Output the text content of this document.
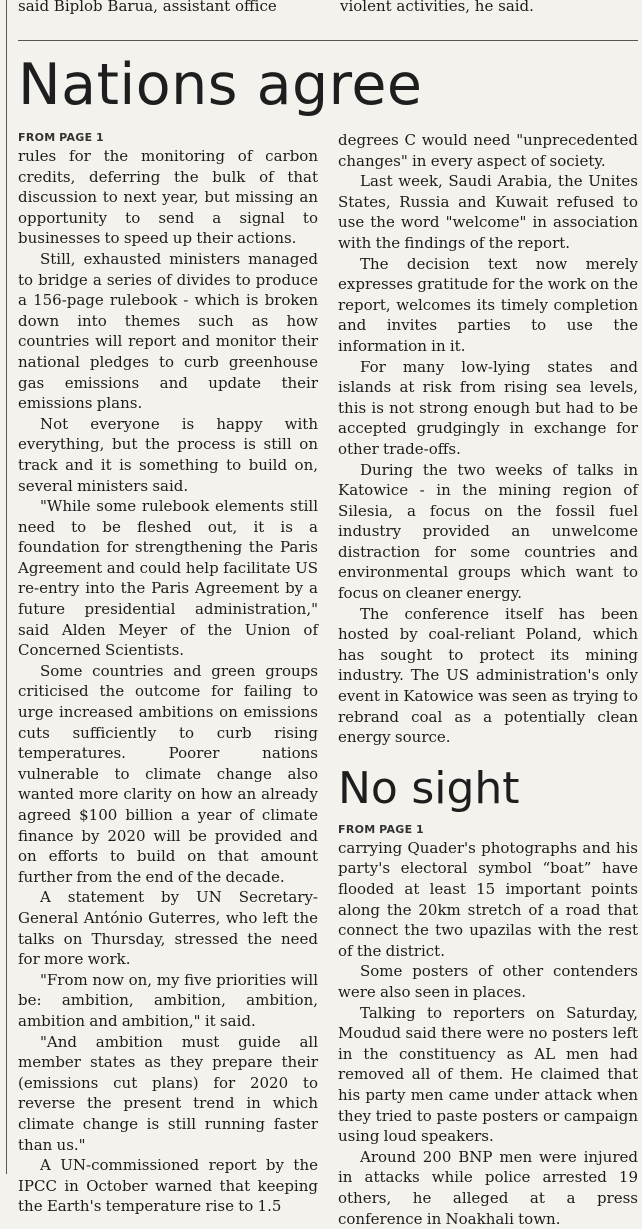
said Biplob Barua, assistant office	violent activities, he said.
Nations agree
FROM PAGE 1

rules for the monitoring of carbon credits, deferring the bulk of that discussion to next year, but missing an opportunity to send a signal to businesses to speed up their actions.

Still, exhausted ministers managed to bridge a series of divides to produce a 156-page rulebook - which is broken down into themes such as how countries will report and monitor their national pledges to curb greenhouse gas emissions and update their emissions plans.

Not everyone is happy with everything, but the process is still on track and it is something to build on, several ministers said.

"While some rulebook elements still need to be fleshed out, it is a foundation for strengthening the Paris Agreement and could help facilitate US re-entry into the Paris Agreement by a future presidential administration," said Alden Meyer of the Union of Concerned Scientists.

Some countries and green groups criticised the outcome for failing to urge increased ambitions on emissions cuts sufficiently to curb rising temperatures. Poorer nations vulnerable to climate change also wanted more clarity on how an already agreed $100 billion a year of climate finance by 2020 will be provided and on efforts to build on that amount further from the end of the decade.

A statement by UN Secretary-General António Guterres, who left the talks on Thursday, stressed the need for more work.

"From now on, my five priorities will be: ambition, ambition, ambition, ambition and ambition," it said.

"And ambition must guide all member states as they prepare their (emissions cut plans) for 2020 to reverse the present trend in which climate change is still running faster than us."

A UN-commissioned report by the IPCC in October warned that keeping the Earth's temperature rise to 1.5

degrees C would need "unprecedented changes" in every aspect of society.

Last week, Saudi Arabia, the Unites States, Russia and Kuwait refused to use the word "welcome" in association with the findings of the report.

The decision text now merely expresses gratitude for the work on the report, welcomes its timely completion and invites parties to use the information in it.

For many low-lying states and islands at risk from rising sea levels, this is not strong enough but had to be accepted grudgingly in exchange for other trade-offs.

During the two weeks of talks in Katowice - in the mining region of Silesia, a focus on the fossil fuel industry provided an unwelcome distraction for some countries and environmental groups which want to focus on cleaner energy.

The conference itself has been hosted by coal-reliant Poland, which has sought to protect its mining industry. The US administration's only event in Katowice was seen as trying to rebrand coal as a potentially clean energy source.

No sight
FROM PAGE 1

carrying Quader's photographs and his party's electoral symbol “boat” have flooded at least 15 important points along the 20km stretch of a road that connect the two upazilas with the rest of the district.

Some posters of other contenders were also seen in places.

Talking to reporters on Saturday, Moudud said there were no posters left in the constituency as AL men had removed all of them. He claimed that his party men came under attack when they tried to paste posters or campaign using loud speakers.

Around 200 BNP men were injured in attacks while police arrested 19 others, he alleged at a press conference in Noakhali town.
